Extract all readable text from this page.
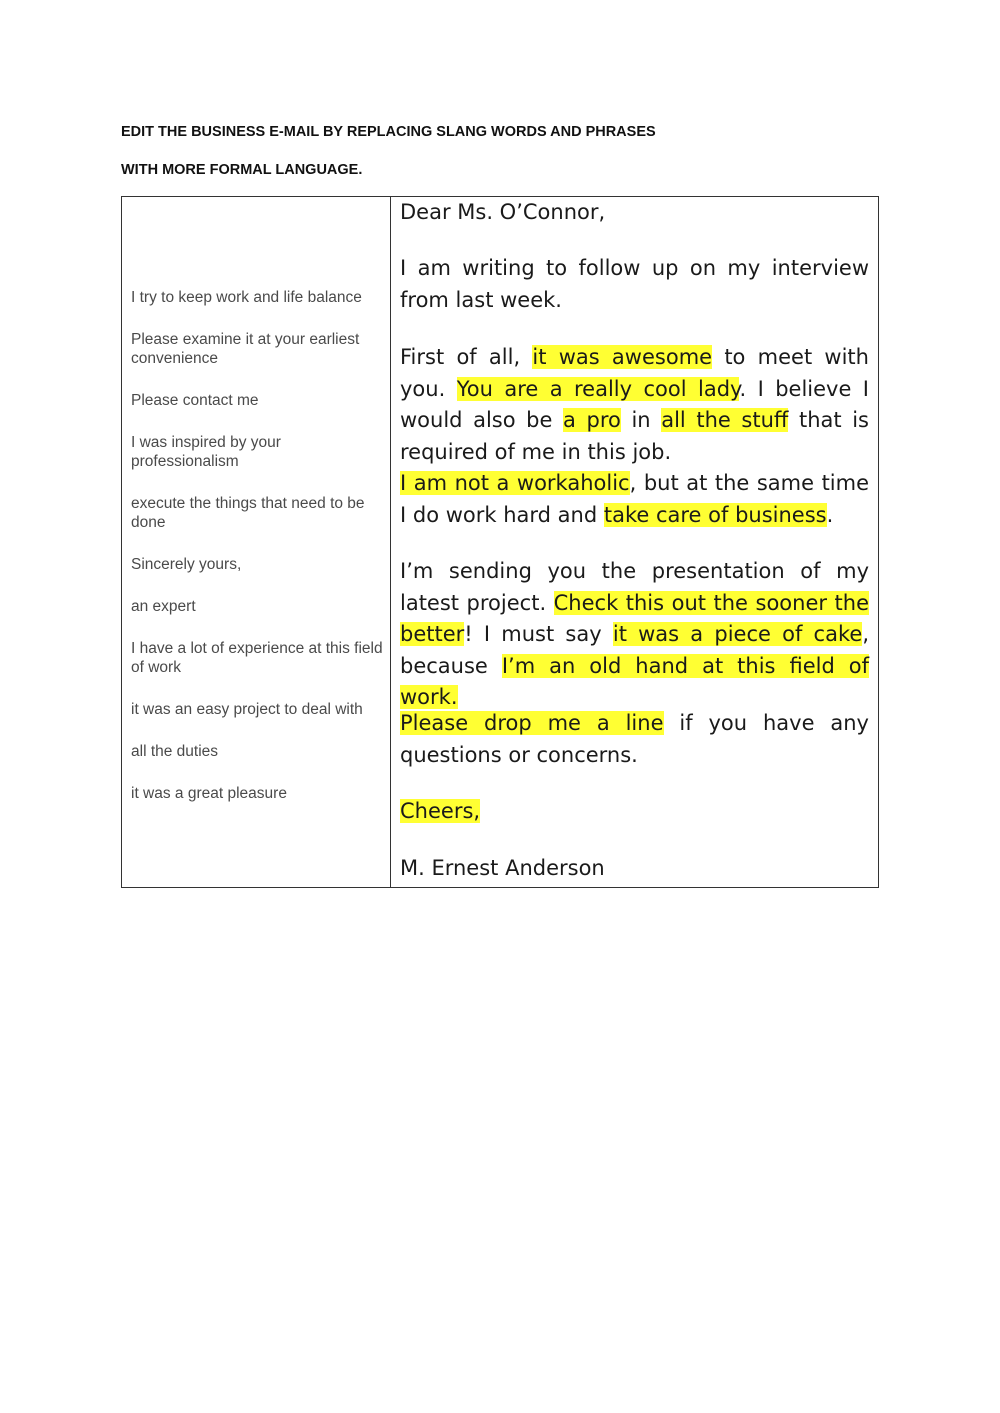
EDIT THE BUSINESS E-MAIL BY REPLACING SLANG WORDS AND PHRASES
WITH MORE FORMAL LANGUAGE.
I try to keep work and life balance
Please examine it at your earliest convenience
Please contact me
I was inspired by your professionalism
execute the things that need to be done
Sincerely yours,
an expert
I have a lot of experience at this field of work
it was an easy project to deal with
all the duties
it was a great pleasure
Dear Ms. O’Connor,
I am writing to follow up on my interview from last week.
First of all, it was awesome to meet with you. You are a really cool lady. I believe I would also be a pro in all the stuff that is required of me in this job.
I am not a workaholic, but at the same time I do work hard and take care of business.
I’m sending you the presentation of my latest project. Check this out the sooner the better! I must say it was a piece of cake, because I’m an old hand at this field of work.
Please drop me a line if you have any questions or concerns.
Cheers,
M. Ernest Anderson
